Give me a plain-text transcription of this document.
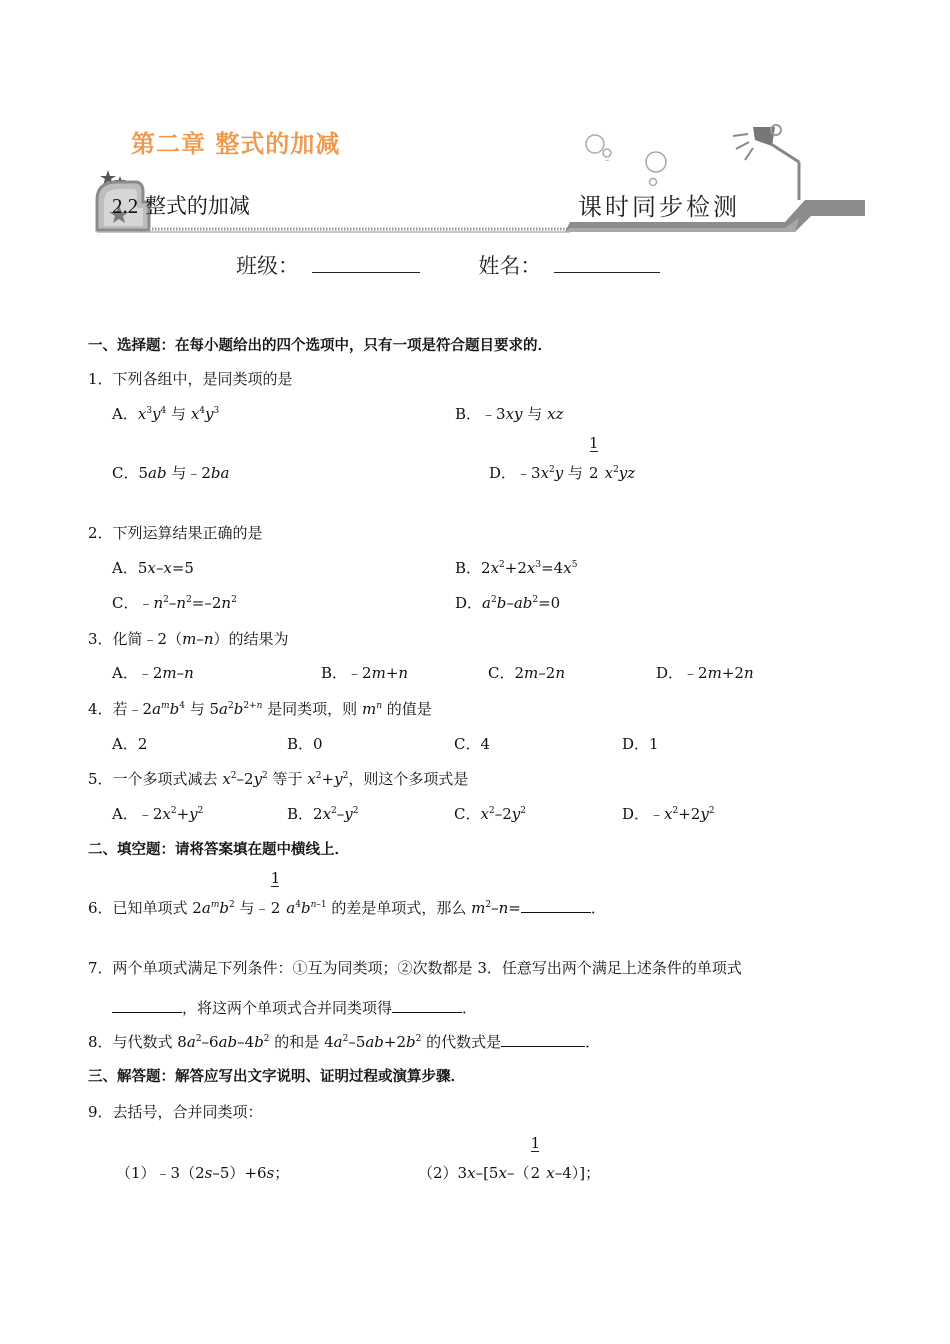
第二章 整式的加减
2.2 整式的加减	课时同步检测
班级：	姓名：
一、选择题：在每小题给出的四个选项中，只有一项是符合题目要求的．
1．下列各组中，是同类项的是
A．$x^3y^4$ 与 $x^4y^3$	B．﹣3xy 与 xz
C．5ab 与﹣2ba	D．$﹣3x^2y$ 与
1
2 $x^2yz$
2．下列运算结果正确的是
A．5x–x=5	B．$2x^2+2x^3=4x^5$
C．$﹣n^2-n^2=-2n^2$	D．$a^2b-ab^2=0$
3．化简﹣2（m–n）的结果为
A．﹣2m–n	B．﹣2m+n	C．2m–2n	D．﹣2m+2n
4．若$﹣2a^mb^4$ 与 $5a^2b^{2+n}$ 是同类项，则 $m^n$ 的值是
A．2	B．0	C．4	D．1
5．一个多项式减去 $x^2-2y^2$ 等于 $x^2+y^2$，则这个多项式是
A．$﹣2x^2+y^2$	B．$2x^2-y^2$	C．$x^2-2y^2$	D．$﹣x^2+2y^2$
二、填空题：请将答案填在题中横线上．
6．已知单项式 $2a^mb^2$ 与﹣
1
2 $a^4b^{n-1}$ 的差是单项式，那么 $m^2-n=$	．
7．两个单项式满足下列条件：①互为同类项；②次数都是 3．任意写出两个满足上述条件的单项式
，将这两个单项式合并同类项得	．
8．与代数式 $8a^2-6ab-4b^2$ 的和是 $4a^2-5ab+2b^2$ 的代数式是	．
三、解答题：解答应写出文字说明、证明过程或演算步骤．
9．去括号，合并同类项：
（1）﹣3（2s–5）+6s；	（2）3x–[5x–（
1
2 x–4）]；
